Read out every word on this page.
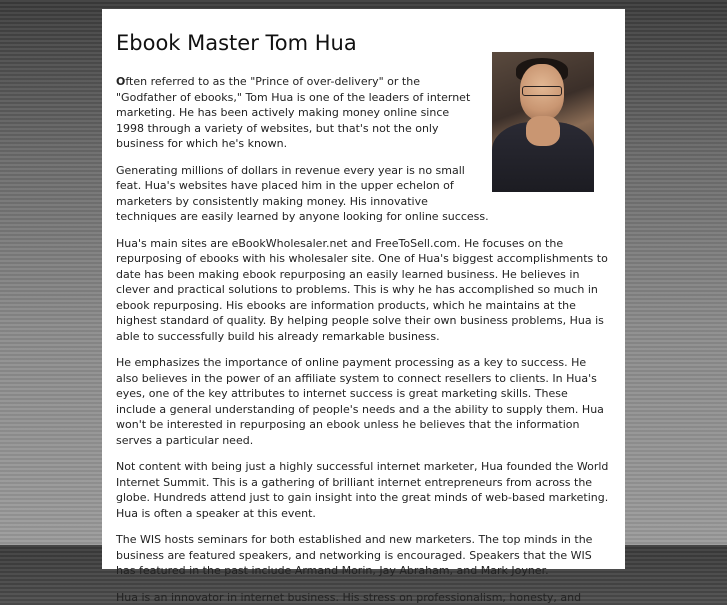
Ebook Master Tom Hua

Often referred to as the "Prince of over-delivery" or the "Godfather of ebooks," Tom Hua is one of the leaders of internet marketing. He has been actively making money online since 1998 through a variety of websites, but that's not the only business for which he's known.

Generating millions of dollars in revenue every year is no small feat. Hua's websites have placed him in the upper echelon of marketers by consistently making money. His innovative techniques are easily learned by anyone looking for online success.

Hua's main sites are eBookWholesaler.net and FreeToSell.com. He focuses on the repurposing of ebooks with his wholesaler site. One of Hua's biggest accomplishments to date has been making ebook repurposing an easily learned business. He believes in clever and practical solutions to problems. This is why he has accomplished so much in ebook repurposing. His ebooks are information products, which he maintains at the highest standard of quality. By helping people solve their own business problems, Hua is able to successfully build his already remarkable business.

He emphasizes the importance of online payment processing as a key to success. He also believes in the power of an affiliate system to connect resellers to clients. In Hua's eyes, one of the key attributes to internet success is great marketing skills. These include a general understanding of people's needs and a the ability to supply them. Hua won't be interested in repurposing an ebook unless he believes that the information serves a particular need.

Not content with being just a highly successful internet marketer, Hua founded the World Internet Summit. This is a gathering of brilliant internet entrepreneurs from across the globe. Hundreds attend just to gain insight into the great minds of web-based marketing. Hua is often a speaker at this event.

The WIS hosts seminars for both established and new marketers. The top minds in the business are featured speakers, and networking is encouraged. Speakers that the WIS has featured in the past include Armand Morin, Jay Abraham, and Mark Joyner.

Hua is an innovator in internet business. His stress on professionalism, honesty, and
